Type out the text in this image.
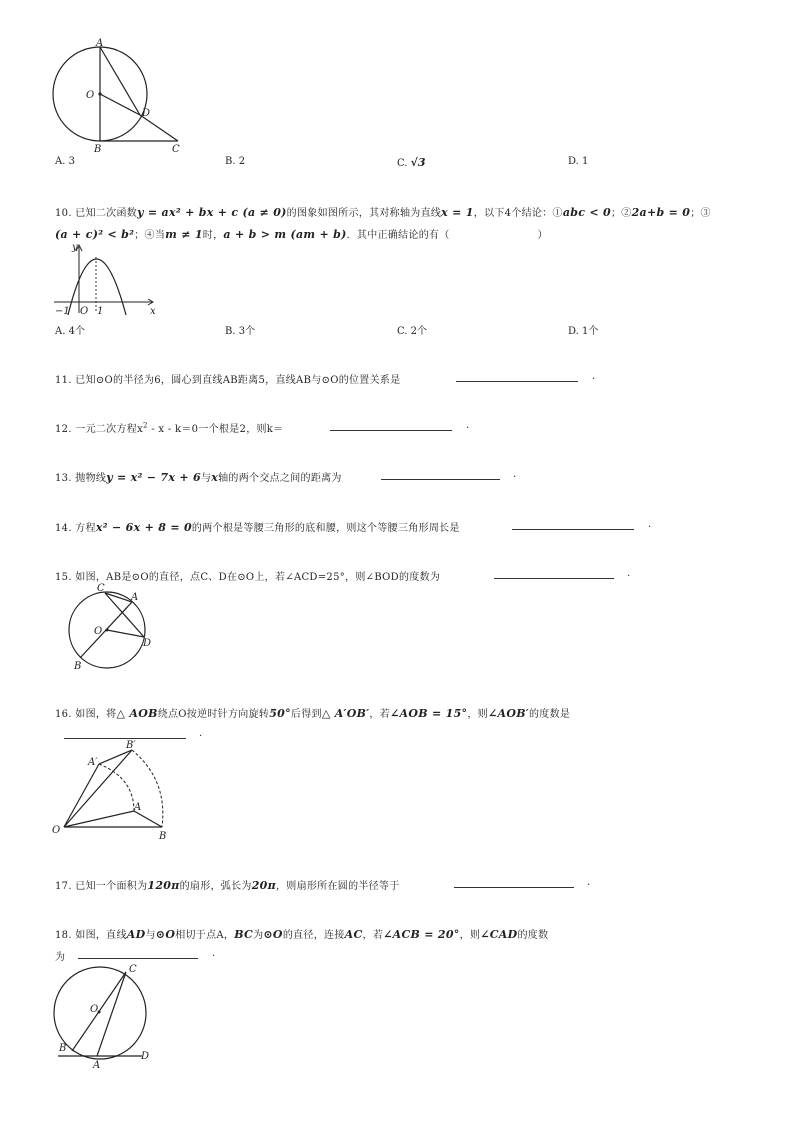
A
O
D
B	C
A. 3	B. 2	C. √3	D. 1
10. 已知二次函数y = ax² + bx + c (a ≠ 0)的图象如图所示，其对称轴为直线x = 1，以下4个结论：①abc < 0；②2a+b = 0；③
(a + c)² < b²；④当m ≠ 1时，a + b > m (am + b)．其中正确结论的有（	）
y
x
−1 O 1
A. 4个	B. 3个	C. 2个	D. 1个
11. 已知⊙O的半径为6，圆心到直线AB距离5，直线AB与⊙O的位置关系是	.
12. 一元二次方程$x^2 - x - k=0$一个根是2，则k＝	.
13. 抛物线y = x² − 7x + 6与x轴的两个交点之间的距离为	.
14. 方程x² − 6x + 8 = 0的两个根是等腰三角形的底和腰，则这个等腰三角形周长是	.
15. 如图，AB是⊙O的直径，点C、D在⊙O上，若∠ACD=25°，则∠BOD的度数为	.
C
A
O
D
B
16. 如图，将△ AOB绕点O按逆时针方向旋转50°后得到△ A′OB′，若∠AOB = 15°，则∠AOB′的度数是
.
B′
A′
A
O
B
17. 已知一个面积为120π的扇形，弧长为20π，则扇形所在圆的半径等于	.
18. 如图，直线AD与⊙O相切于点A，BC为⊙O的直径，连接AC，若∠ACB = 20°，则∠CAD的度数
为	.
C
O
B
A
D
